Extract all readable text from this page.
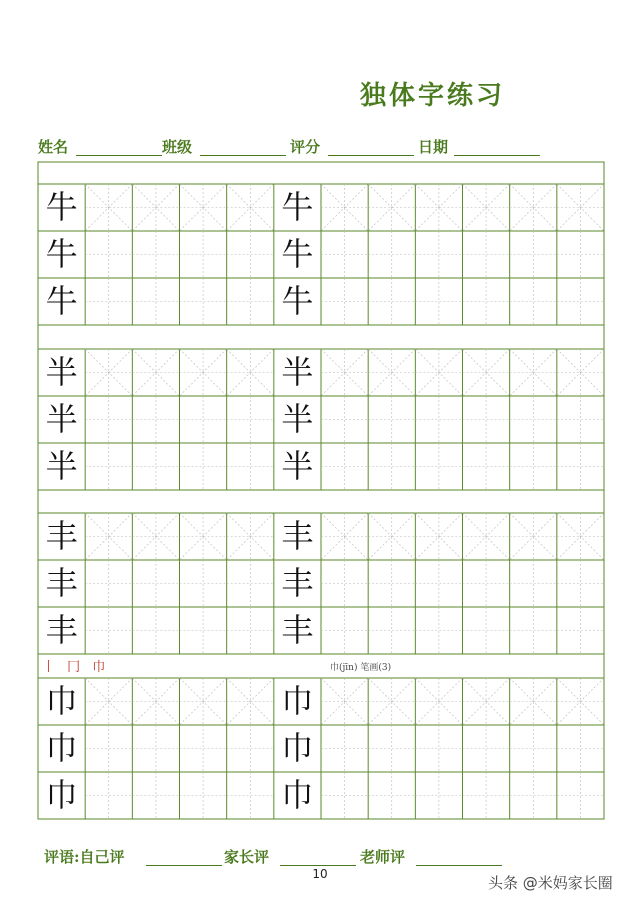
独体字练习
姓名	班级	评分	日期
牛	牛
牛	牛
牛	牛
半	半
半	半
半	半
丰	丰
丰	丰
丰	丰
巾	巾
巾	巾
巾	巾
丨 冂 巾	巾(jīn) 笔画(3)
评语:自己评	家长评	老师评
10	头条 @米妈家长圈
